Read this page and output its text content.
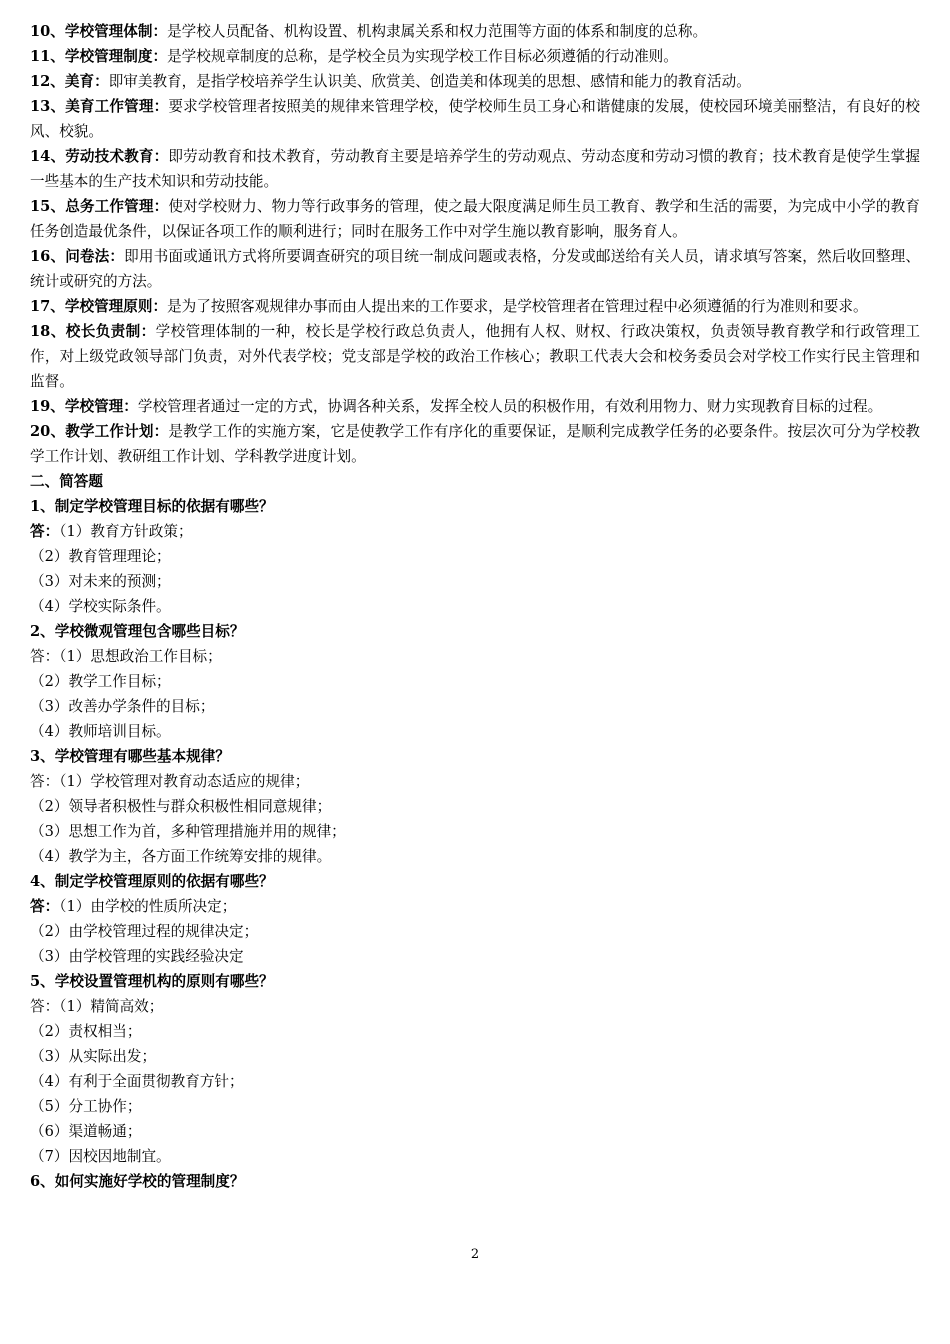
10、学校管理体制：是学校人员配备、机构设置、机构隶属关系和权力范围等方面的体系和制度的总称。

11、学校管理制度：是学校规章制度的总称，是学校全员为实现学校工作目标必须遵循的行动准则。

12、美育：即审美教育，是指学校培养学生认识美、欣赏美、创造美和体现美的思想、感情和能力的教育活动。

13、美育工作管理：要求学校管理者按照美的规律来管理学校，使学校师生员工身心和谐健康的发展，使校园环境美丽整洁，有良好的校风、校貌。

14、劳动技术教育：即劳动教育和技术教育，劳动教育主要是培养学生的劳动观点、劳动态度和劳动习惯的教育；技术教育是使学生掌握一些基本的生产技术知识和劳动技能。

15、总务工作管理：使对学校财力、物力等行政事务的管理，使之最大限度满足师生员工教育、教学和生活的需要，为完成中小学的教育任务创造最优条件，以保证各项工作的顺利进行；同时在服务工作中对学生施以教育影响，服务育人。

16、问卷法：即用书面或通讯方式将所要调查研究的项目统一制成问题或表格，分发或邮送给有关人员，请求填写答案，然后收回整理、统计或研究的方法。

17、学校管理原则：是为了按照客观规律办事而由人提出来的工作要求，是学校管理者在管理过程中必须遵循的行为准则和要求。

18、校长负责制：学校管理体制的一种，校长是学校行政总负责人，他拥有人权、财权、行政决策权，负责领导教育教学和行政管理工作，对上级党政领导部门负责，对外代表学校；党支部是学校的政治工作核心；教职工代表大会和校务委员会对学校工作实行民主管理和监督。

19、学校管理：学校管理者通过一定的方式，协调各种关系，发挥全校人员的积极作用，有效利用物力、财力实现教育目标的过程。

20、教学工作计划：是教学工作的实施方案，它是使教学工作有序化的重要保证，是顺利完成教学任务的必要条件。按层次可分为学校教学工作计划、教研组工作计划、学科教学进度计划。

二、简答题

1、制定学校管理目标的依据有哪些？

答：（1）教育方针政策；

（2）教育管理理论；

（3）对未来的预测；

（4）学校实际条件。

2、学校微观管理包含哪些目标？

答：（1）思想政治工作目标；

（2）教学工作目标；

（3）改善办学条件的目标；

（4）教师培训目标。

3、学校管理有哪些基本规律？

答：（1）学校管理对教育动态适应的规律；

（2）领导者积极性与群众积极性相同意规律；

（3）思想工作为首，多种管理措施并用的规律；

（4）教学为主，各方面工作统筹安排的规律。

4、制定学校管理原则的依据有哪些？

答：（1）由学校的性质所决定；

（2）由学校管理过程的规律决定；

（3）由学校管理的实践经验决定

5、学校设置管理机构的原则有哪些？

答：（1）精简高效；

（2）责权相当；

（3）从实际出发；

（4）有利于全面贯彻教育方针；

（5）分工协作；

（6）渠道畅通；

（7）因校因地制宜。

6、如何实施好学校的管理制度？

2
